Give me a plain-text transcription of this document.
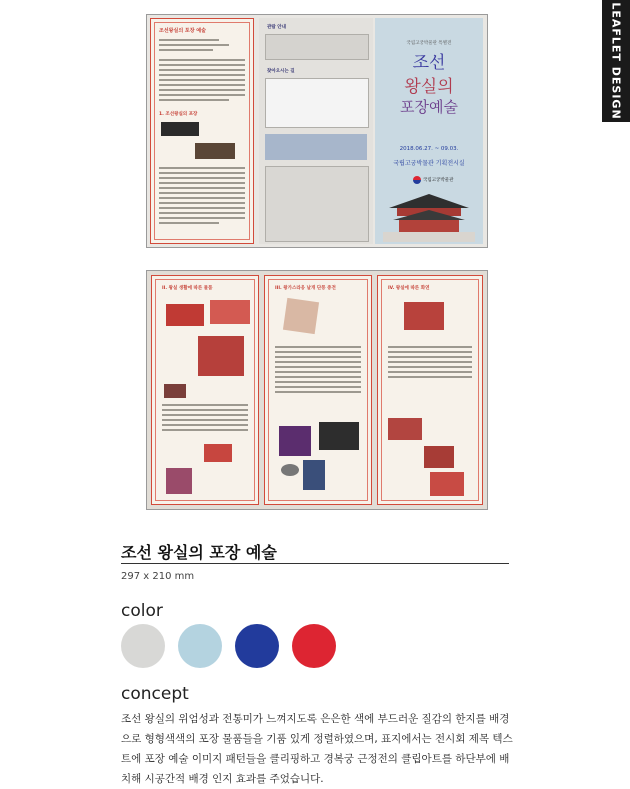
LEAFLET DESIGN
조선왕실의 포장 예술
1. 조선왕실의 포장
관람 안내
찾아오시는 길
국립고궁박물관 특별전
조선
왕실의
포장예술
2018.06.27. ~ 09.03.
국립고궁박물관 기획전시실
국립고궁박물관
II. 왕실 생활에 따른 물품	III. 왕가스라웅 날개 단풍 중전	IV. 왕실에 따른 화연
조선 왕실의 포장 예술
297 x 210 mm
color
concept
조선 왕실의 위엄성과 전통미가 느껴지도록 은은한 색에 부드러운 질감의 한지를 배경으로 형형색색의 포장 물품들을 기품 있게 정렬하였으며, 표지에서는 전시회 제목 텍스트에 포장 예술 이미지 패턴들을 클리핑하고 경복궁 근정전의 클립아트를 하단부에 배치해 시공간적 배경 인지 효과를 주었습니다.
